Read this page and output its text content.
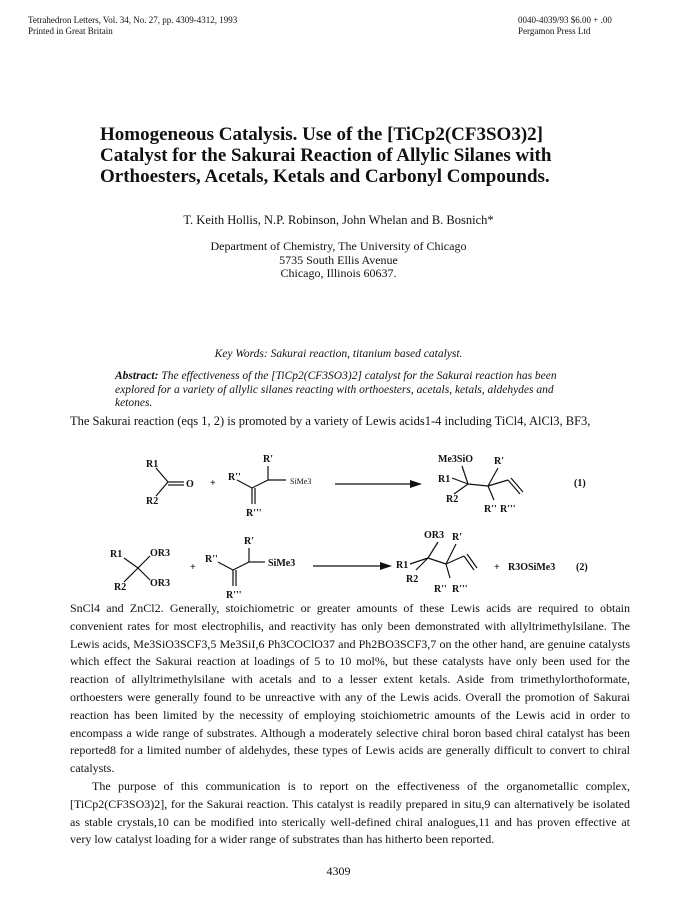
Tetrahedron Letters, Vol. 34, No. 27, pp. 4309-4312, 1993
Printed in Great Britain
0040-4039/93 $6.00 + .00
Pergamon Press Ltd
Homogeneous Catalysis. Use of the [TiCp2(CF3SO3)2]
Catalyst for the Sakurai Reaction of Allylic Silanes with
Orthoesters, Acetals, Ketals and Carbonyl Compounds.
T. Keith Hollis, N.P. Robinson, John Whelan and B. Bosnich*
Department of Chemistry, The University of Chicago
5735 South Ellis Avenue
Chicago, Illinois 60637.
Key Words: Sakurai reaction, titanium based catalyst.
Abstract: The effectiveness of the [TiCp2(CF3SO3)2] catalyst for the Sakurai reaction has been explored for a variety of allylic silanes reacting with orthoesters, acetals, ketals, aldehydes and ketones.
The Sakurai reaction (eqs 1, 2) is promoted by a variety of Lewis acids1-4 including TiCl4, AlCl3, BF3,
R1
O
R2
+
R'
R''	SiMe3
R'''
Me3SiO R'
R1
R2
R'' R'''
(1)
R1	OR3
OR3
R2
+
R'
R''	SiMe3
R'''
OR3 R'
R1
R2
R'' R'''
+ R3OSiMe3 (2)

SnCl4 and ZnCl2. Generally, stoichiometric or greater amounts of these Lewis acids are required to obtain convenient rates for most electrophilis, and reactivity has only been demonstrated with allyltrimethylsilane. The Lewis acids, Me3SiO3SCF3,5 Me3SiI,6 Ph3COClO37 and Ph2BO3SCF3,7 on the other hand, are genuine catalysts which effect the Sakurai reaction at loadings of 5 to 10 mol%, but these catalysts have only been used for the reaction of allyltrimethylsilane with acetals and to a lesser extent ketals. Aside from trimethylorthoformate, orthoesters were generally found to be unreactive with any of the Lewis acids. Overall the promotion of Sakurai reaction has been limited by the necessity of employing stoichiometric amounts of the Lewis acid in order to encompass a wide range of substrates. Although a moderately selective chiral boron based chiral catalyst has been reported8 for a limited number of aldehydes, these types of Lewis acids are generally difficult to convert to chiral catalysts.

The purpose of this communication is to report on the effectiveness of the organometallic complex, [TiCp2(CF3SO3)2], for the Sakurai reaction. This catalyst is readily prepared in situ,9 can alternatively be isolated as stable crystals,10 can be modified into sterically well-defined chiral analogues,11 and has proven effective at very low catalyst loading for a wider range of substrates than has hitherto been reported.

4309
